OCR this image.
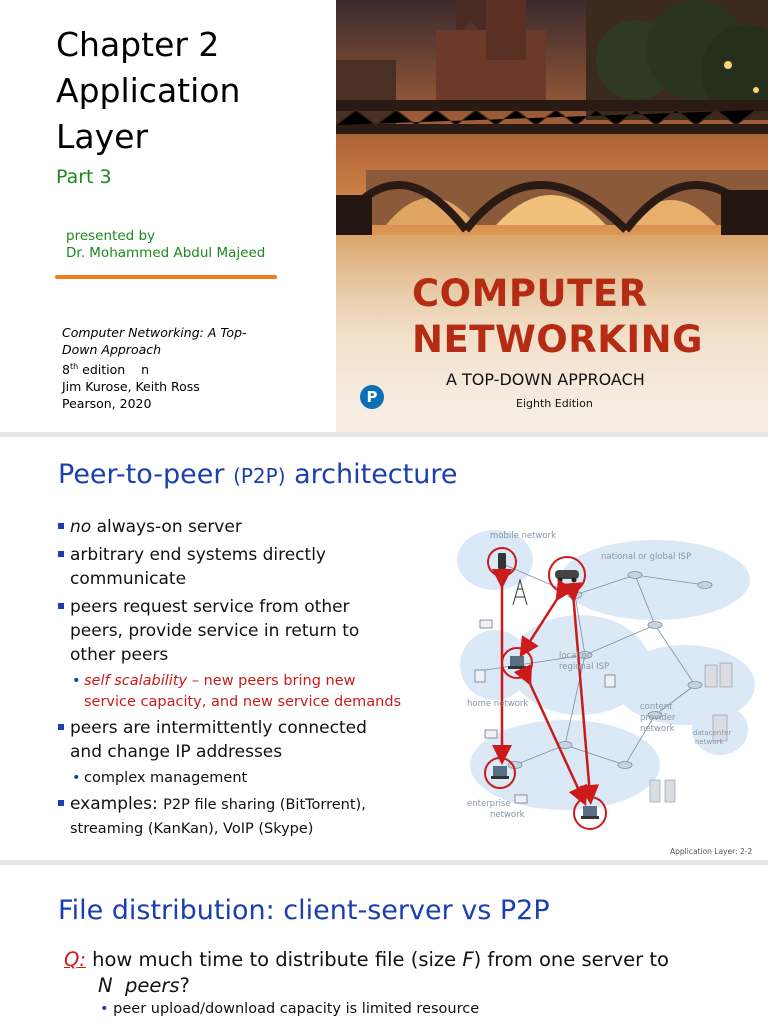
Chapter 2
Application
Layer
Part 3
presented by
Dr. Mohammed Abdul Majeed
Computer Networking: A Top-
Down Approach
8th edition    n
Jim Kurose, Keith Ross
Pearson, 2020
COMPUTER
NETWORKING
A TOP-DOWN APPROACH
Eighth Edition
P
Peer-to-peer (P2P) architecture
no always-on server
arbitrary end systems directly
communicate
peers request service from other
peers, provide service in return to
other peers
• self scalability – new peers bring new
service capacity, and new service demands
peers are intermittently connected
and change IP addresses
• complex management
examples: P2P file sharing (BitTorrent),
streaming (KanKan), VoIP (Skype)
mobile network
national or global ISP
local or
regional ISP
home network	content
provider
network	datacenter
network
enterprise
network
Application Layer: 2-2
File distribution: client-server vs P2P
Q: how much time to distribute file (size F) from one server to
N  peers?
• peer upload/download capacity is limited resource
